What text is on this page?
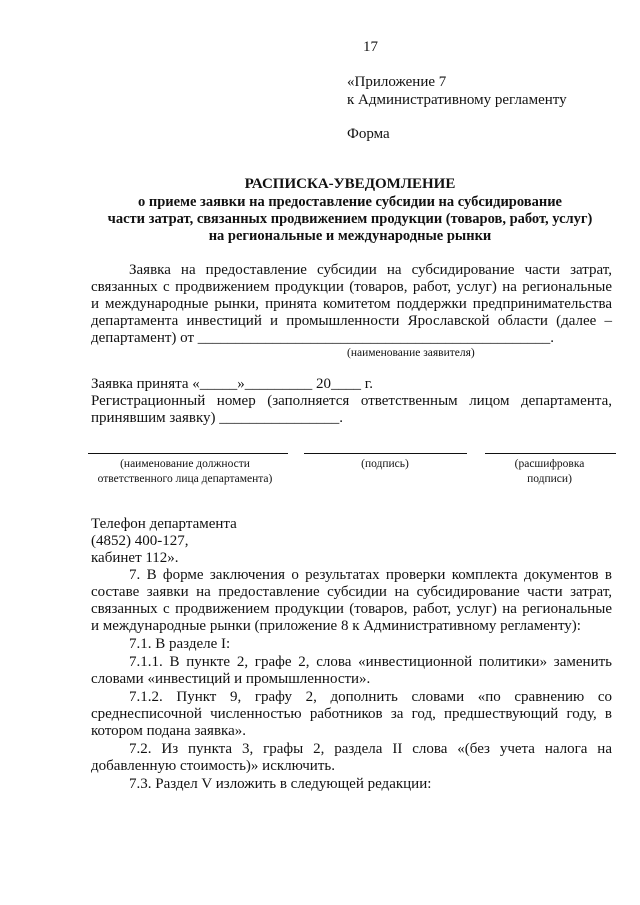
17
«Приложение 7
к Административному регламенту
Форма
РАСПИСКА-УВЕДОМЛЕНИЕ
о приеме заявки на предоставление субсидии на субсидирование
части затрат, связанных продвижением продукции (товаров, работ, услуг)
на региональные и международные рынки
Заявка на предоставление субсидии на субсидирование части затрат,
связанных с продвижением продукции (товаров, работ, услуг) на региональные
и международные рынки, принята комитетом поддержки предпринимательства
департамента инвестиций и промышленности Ярославской области (далее –
департамент) от _______________________________________________.
(наименование заявителя)
Заявка принята «_____»_________ 20____ г.
Регистрационный номер (заполняется ответственным лицом департамента,
принявшим заявку) ________________.
(наименование должности ответственного лица департамента)
(подпись)	(расшифровка подписи)
Телефон департамента
(4852) 400-127,
кабинет 112».
7. В форме заключения о результатах проверки комплекта документов в
составе заявки на предоставление субсидии на субсидирование части затрат,
связанных с продвижением продукции (товаров, работ, услуг) на региональные
и международные рынки (приложение 8 к Административному регламенту):
7.1. В разделе I:
7.1.1. В пункте 2, графе 2, слова «инвестиционной политики» заменить
словами «инвестиций и промышленности».
7.1.2. Пункт 9, графу 2, дополнить словами «по сравнению со
среднесписочной численностью работников за год, предшествующий году, в
котором подана заявка».
7.2. Из пункта 3, графы 2, раздела II слова «(без учета налога на
добавленную стоимость)» исключить.
7.3. Раздел V изложить в следующей редакции:
